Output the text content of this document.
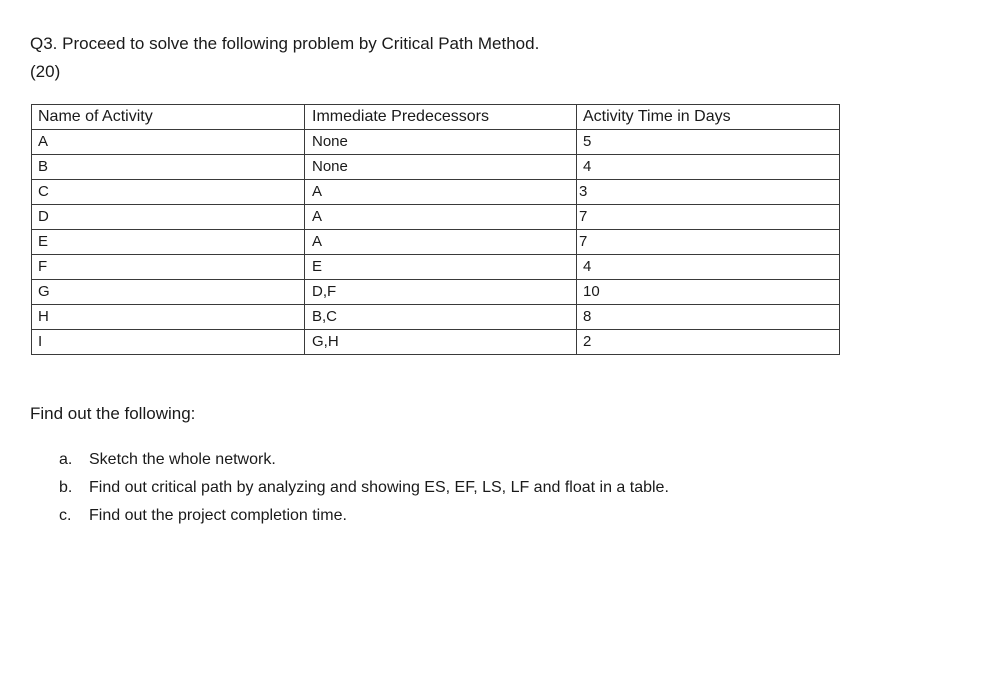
Q3. Proceed to solve the following problem by Critical Path Method.
(20)
Name of Activity	Immediate Predecessors	Activity Time in Days
A	None	5
B	None	4
C	A	3
D	A	7
E	A	7
F	E	4
G	D,F	10
H	B,C	8
I	G,H	2
Find out the following:
a.	Sketch the whole network.
b.	Find out critical path by analyzing and showing ES, EF, LS, LF and float in a table.
c.	Find out the project completion time.
